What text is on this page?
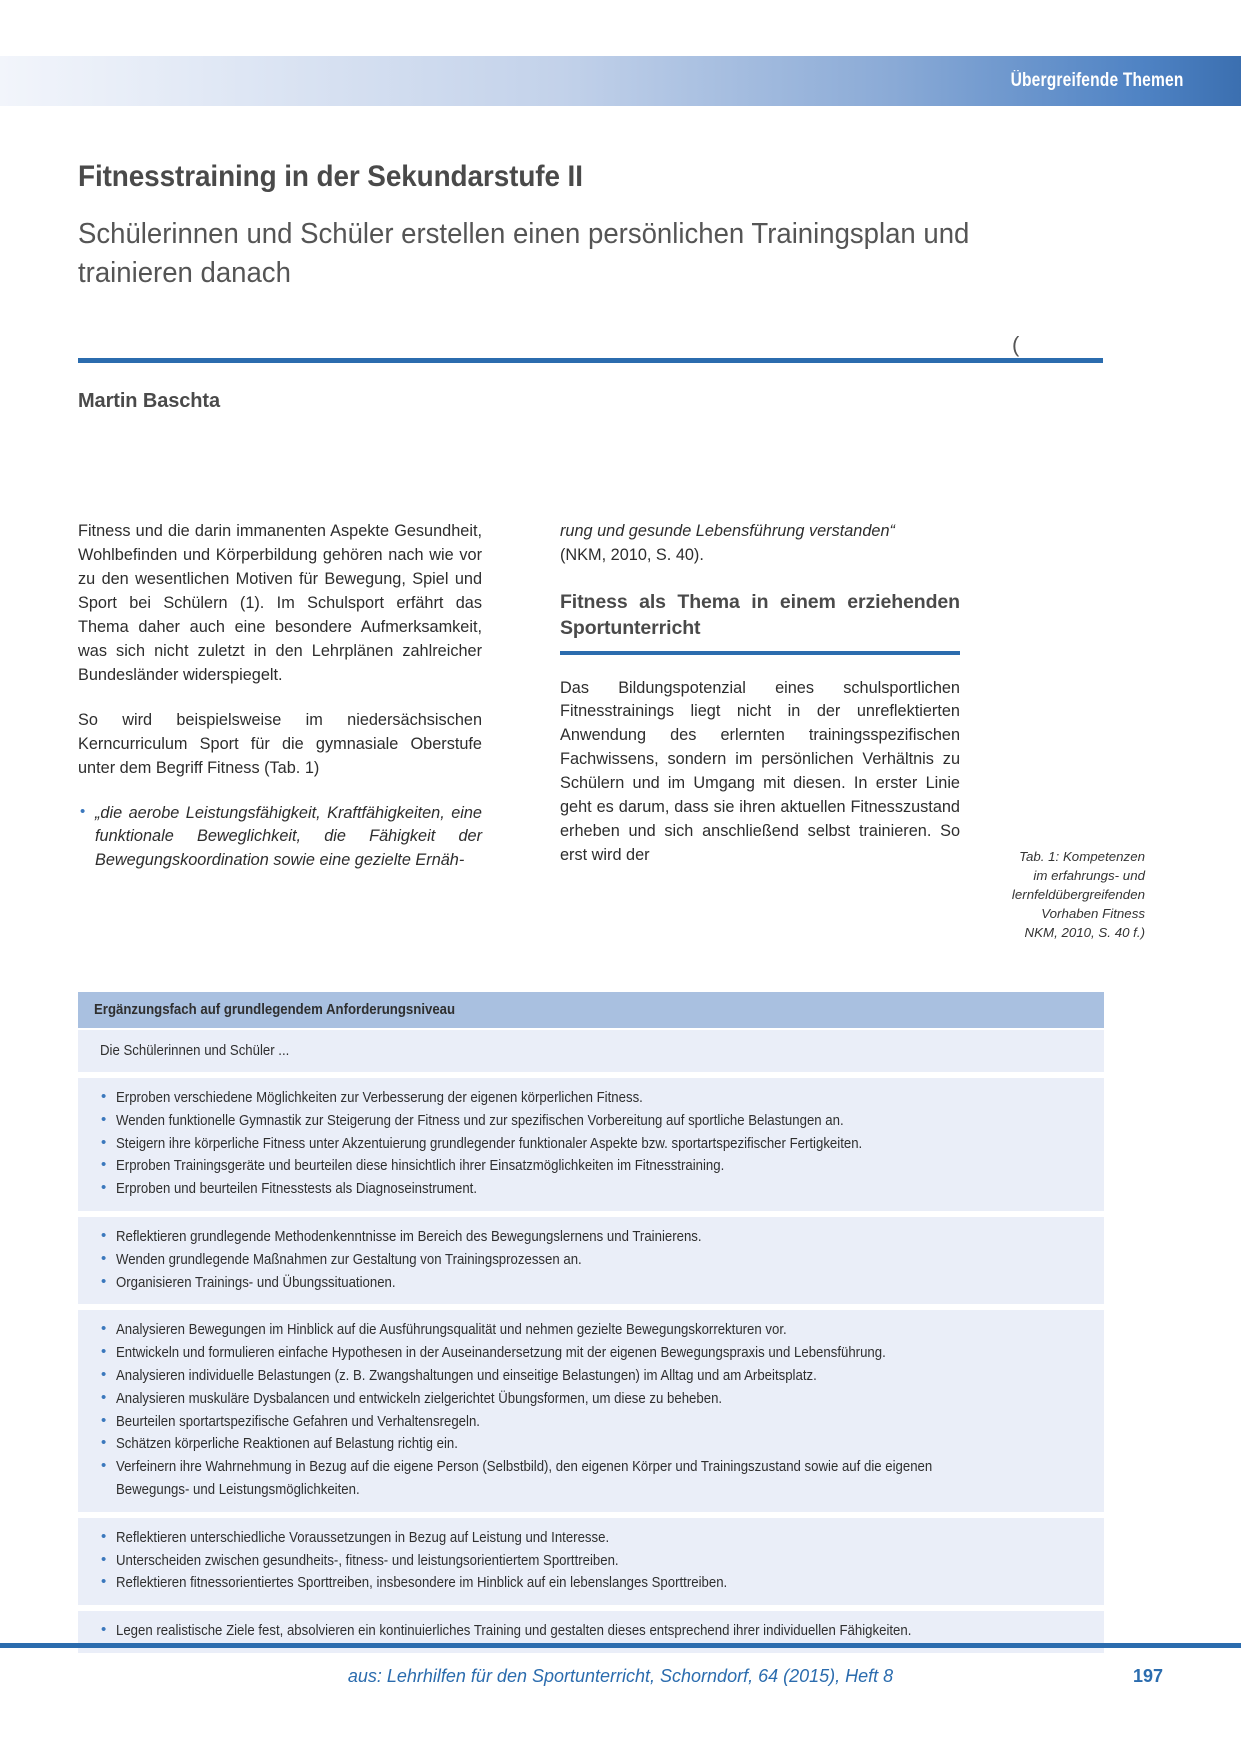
Übergreifende Themen
Fitnesstraining in der Sekundarstufe II
Schülerinnen und Schüler erstellen einen persönlichen Trainingsplan und trainieren danach
(
Martin Baschta

Fitness und die darin immanenten Aspekte Gesundheit, Wohlbefinden und Körperbildung gehören nach wie vor zu den wesentlichen Motiven für Bewegung, Spiel und Sport bei Schülern (1). Im Schulsport erfährt das Thema daher auch eine besondere Aufmerksamkeit, was sich nicht zuletzt in den Lehrplänen zahlreicher Bundesländer widerspiegelt.

So wird beispielsweise im niedersächsischen Kerncurriculum Sport für die gymnasiale Oberstufe unter dem Begriff Fitness (Tab. 1)

• „die aerobe Leistungsfähigkeit, Kraftfähigkeiten, eine funktionale Beweglichkeit, die Fähigkeit der Bewegungskoordination sowie eine gezielte Ernäh-

rung und gesunde Lebensführung verstanden“

(NKM, 2010, S. 40).

Fitness als Thema in einem erziehenden Sportunterricht

Das Bildungspotenzial eines schulsportlichen Fitnesstrainings liegt nicht in der unreflektierten Anwendung des erlernten trainingsspezifischen Fachwissens, sondern im persönlichen Verhältnis zu Schülern und im Umgang mit diesen. In erster Linie geht es darum, dass sie ihren aktuellen Fitnesszustand erheben und sich anschließend selbst trainieren. So erst wird der	Tab. 1: Kompetenzen
im erfahrungs- und
lernfeldübergreifenden
Vorhaben Fitness
NKM, 2010, S. 40 f.)
Ergänzungsfach auf grundlegendem Anforderungsniveau
Die Schülerinnen und Schüler ...
• Erproben verschiedene Möglichkeiten zur Verbesserung der eigenen körperlichen Fitness.
• Wenden funktionelle Gymnastik zur Steigerung der Fitness und zur spezifischen Vorbereitung auf sportliche Belastungen an.
• Steigern ihre körperliche Fitness unter Akzentuierung grundlegender funktionaler Aspekte bzw. sportartspezifischer Fertigkeiten.
• Erproben Trainingsgeräte und beurteilen diese hinsichtlich ihrer Einsatzmöglichkeiten im Fitnesstraining.
• Erproben und beurteilen Fitnesstests als Diagnoseinstrument.
• Reflektieren grundlegende Methodenkenntnisse im Bereich des Bewegungslernens und Trainierens.
• Wenden grundlegende Maßnahmen zur Gestaltung von Trainingsprozessen an.
• Organisieren Trainings- und Übungssituationen.
• Analysieren Bewegungen im Hinblick auf die Ausführungsqualität und nehmen gezielte Bewegungskorrekturen vor.
• Entwickeln und formulieren einfache Hypothesen in der Auseinandersetzung mit der eigenen Bewegungspraxis und Lebensführung.
• Analysieren individuelle Belastungen (z. B. Zwangshaltungen und einseitige Belastungen) im Alltag und am Arbeitsplatz.
• Analysieren muskuläre Dysbalancen und entwickeln zielgerichtet Übungsformen, um diese zu beheben.
• Beurteilen sportartspezifische Gefahren und Verhaltensregeln.
• Schätzen körperliche Reaktionen auf Belastung richtig ein.
• Verfeinern ihre Wahrnehmung in Bezug auf die eigene Person (Selbstbild), den eigenen Körper und Trainingszustand sowie auf die eigenen Bewegungs- und Leistungsmöglichkeiten.
• Reflektieren unterschiedliche Voraussetzungen in Bezug auf Leistung und Interesse.
• Unterscheiden zwischen gesundheits-, fitness- und leistungsorientiertem Sporttreiben.
• Reflektieren fitnessorientiertes Sporttreiben, insbesondere im Hinblick auf ein lebenslanges Sporttreiben.
• Legen realistische Ziele fest, absolvieren ein kontinuierliches Training und gestalten dieses entsprechend ihrer individuellen Fähigkeiten.
aus: Lehrhilfen für den Sportunterricht, Schorndorf, 64 (2015), Heft 8	197
